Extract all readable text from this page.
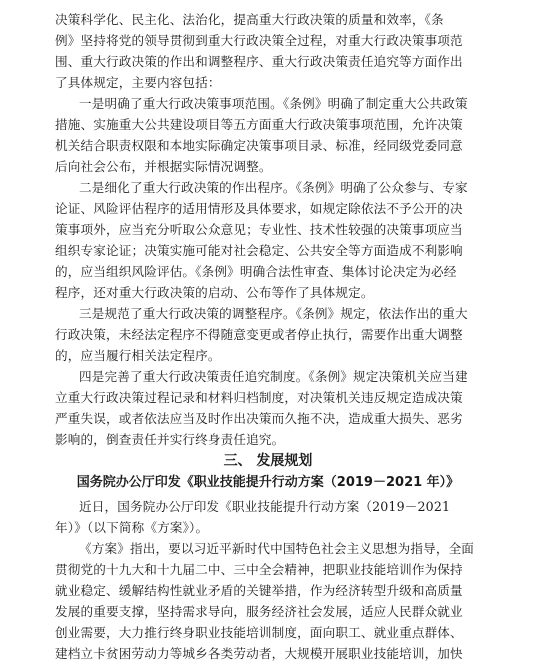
决策科学化、民主化、法治化，提高重大行政决策的质量和效率，《条
例》坚持将党的领导贯彻到重大行政决策全过程，对重大行政决策事项范
围、重大行政决策的作出和调整程序、重大行政决策责任追究等方面作出
了具体规定，主要内容包括：
一是明确了重大行政决策事项范围。《条例》明确了制定重大公共政策
措施、实施重大公共建设项目等五方面重大行政决策事项范围，允许决策
机关结合职责权限和本地实际确定决策事项目录、标准，经同级党委同意
后向社会公布，并根据实际情况调整。
二是细化了重大行政决策的作出程序。《条例》明确了公众参与、专家
论证、风险评估程序的适用情形及具体要求，如规定除依法不予公开的决
策事项外，应当充分听取公众意见；专业性、技术性较强的决策事项应当
组织专家论证；决策实施可能对社会稳定、公共安全等方面造成不利影响
的，应当组织风险评估。《条例》明确合法性审查、集体讨论决定为必经
程序，还对重大行政决策的启动、公布等作了具体规定。
三是规范了重大行政决策的调整程序。《条例》规定，依法作出的重大
行政决策，未经法定程序不得随意变更或者停止执行，需要作出重大调整
的，应当履行相关法定程序。
四是完善了重大行政决策责任追究制度。《条例》规定决策机关应当建
立重大行政决策过程记录和材料归档制度，对决策机关违反规定造成决策
严重失误，或者依法应当及时作出决策而久拖不决，造成重大损失、恶劣
影响的，倒查责任并实行终身责任追究。
三、 发展规划
国务院办公厅印发《职业技能提升行动方案（2019－2021 年）》
近日，国务院办公厅印发《职业技能提升行动方案（2019－2021
年）》（以下简称《方案》）。
《方案》指出，要以习近平新时代中国特色社会主义思想为指导，全面
贯彻党的十九大和十九届二中、三中全会精神，把职业技能培训作为保持
就业稳定、缓解结构性就业矛盾的关键举措，作为经济转型升级和高质量
发展的重要支撑，坚持需求导向，服务经济社会发展，适应人民群众就业
创业需要，大力推行终身职业技能培训制度，面向职工、就业重点群体、
建档立卡贫困劳动力等城乡各类劳动者，大规模开展职业技能培训，加快
